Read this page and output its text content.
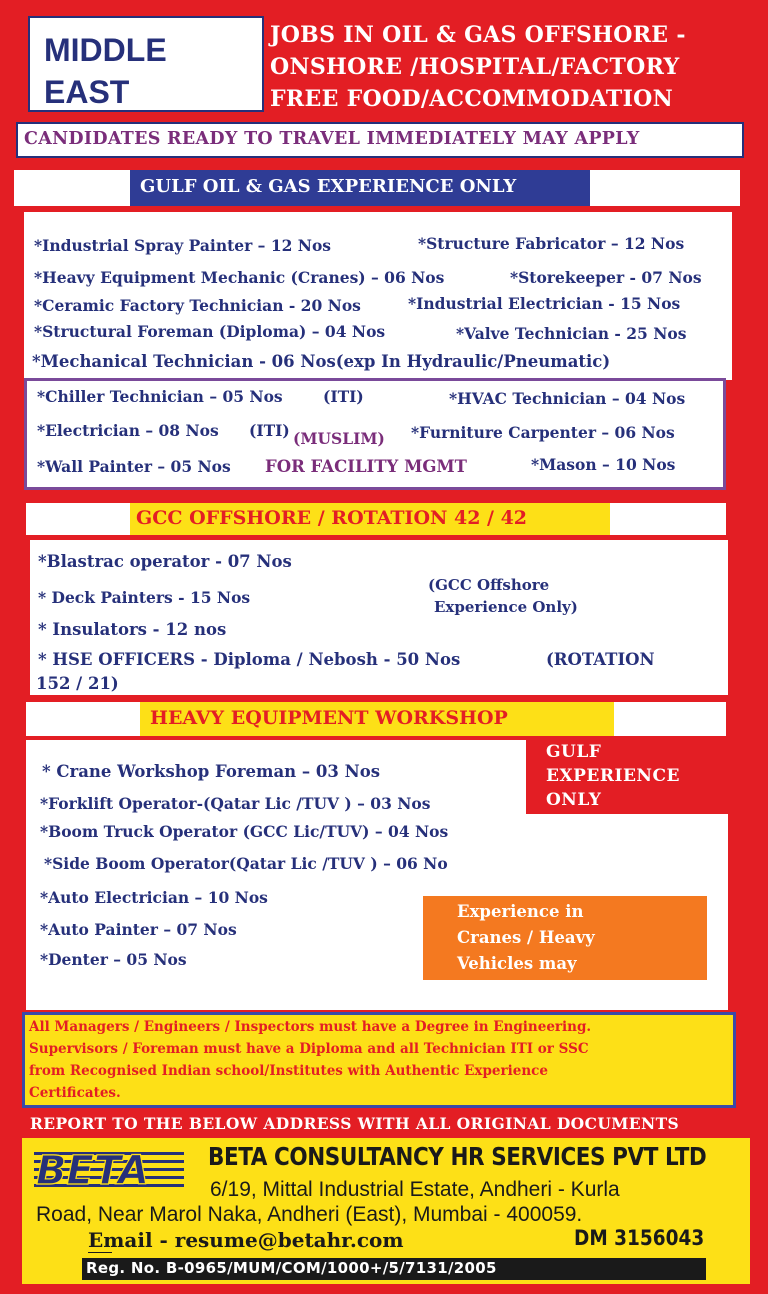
MIDDLE
EAST
JOBS IN OIL & GAS OFFSHORE -
ONSHORE /HOSPITAL/FACTORY
FREE FOOD/ACCOMMODATION
CANDIDATES READY TO TRAVEL IMMEDIATELY MAY APPLY
GULF OIL & GAS EXPERIENCE ONLY
*Industrial Spray Painter – 12 Nos	*Structure Fabricator – 12 Nos
*Heavy Equipment Mechanic (Cranes) – 06 Nos	*Storekeeper - 07 Nos
*Ceramic Factory Technician - 20 Nos	*Industrial Electrician - 15 Nos
*Structural Foreman (Diploma) – 04 Nos	*Valve Technician - 25 Nos
*Mechanical Technician - 06 Nos(exp In Hydraulic/Pneumatic)
*Chiller Technician – 05 Nos	(ITI)	*HVAC Technician – 04 Nos
*Electrician – 08 Nos (ITI) (MUSLIM) *Furniture Carpenter – 06 Nos
*Wall Painter – 05 Nos FOR FACILITY MGMT	*Mason – 10 Nos
GCC OFFSHORE / ROTATION 42 / 42
*Blastrac operator - 07 Nos
* Deck Painters - 15 Nos
* Insulators - 12 nos
* HSE OFFICERS - Diploma / Nebosh - 50 Nos	(ROTATION
152 / 21)
(GCC Offshore
Experience Only)
HEAVY EQUIPMENT WORKSHOP
* Crane Workshop Foreman – 03 Nos
*Forklift Operator-(Qatar Lic /TUV ) – 03 Nos
*Boom Truck Operator (GCC Lic/TUV) – 04 Nos
*Side Boom Operator(Qatar Lic /TUV ) – 06 No
*Auto Electrician – 10 Nos
*Auto Painter – 07 Nos
*Denter – 05 Nos
GULF
EXPERIENCE
ONLY
Experience in
Cranes / Heavy
Vehicles may
All Managers / Engineers / Inspectors must have a Degree in Engineering.
Supervisors / Foreman must have a Diploma and all Technician ITI or SSC
from Recognised Indian school/Institutes with Authentic Experience
Certificates.
REPORT TO THE BELOW ADDRESS WITH ALL ORIGINAL DOCUMENTS
BETA BETA CONSULTANCY HR SERVICES PVT LTD
6/19, Mittal Industrial Estate, Andheri - Kurla
Road, Near Marol Naka, Andheri (East), Mumbai - 400059.
Email - resume@betahr.com	DM 3156043
Reg. No. B-0965/MUM/COM/1000+/5/7131/2005
